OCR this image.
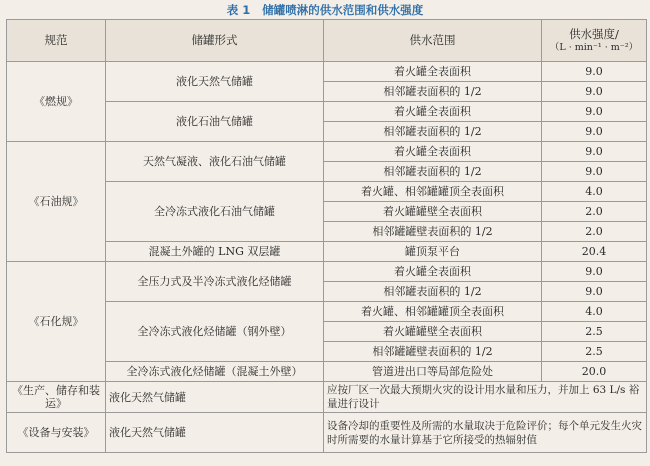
表 1 储罐喷淋的供水范围和供水强度
规范	储罐形式	供水范围	供水强度/
（L · min⁻¹ · m⁻²）

《燃规》	液化天然气储罐	着火罐全表面积	9.0
		相邻罐表面积的 1/2	9.0
	液化石油气储罐	着火罐全表面积	9.0
		相邻罐表面积的 1/2	9.0
《石油规》	天然气凝液、液化石油气储罐	着火罐全表面积	9.0
		相邻罐表面积的 1/2	9.0
	全冷冻式液化石油气储罐	着火罐、相邻罐罐顶全表面积	4.0
		着火罐罐壁全表面积	2.0
		相邻罐罐壁表面积的 1/2	2.0
	混凝土外罐的 LNG 双层罐	罐顶泵平台	20.4
《石化规》	全压力式及半冷冻式液化烃储罐	着火罐全表面积	9.0
		相邻罐表面积的 1/2	9.0
	全冷冻式液化烃储罐（钢外壁）	着火罐、相邻罐罐顶全表面积	4.0
		着火罐罐壁全表面积	2.5
		相邻罐罐壁表面积的 1/2	2.5
	全冷冻式液化烃储罐（混凝土外壁）	管道进出口等局部危险处	20.0
《生产、储存和装运》	液化天然气储罐	应按厂区一次最大预期火灾的设计用水量和压力，并加上 63 L/s 裕量进行设计	
《设备与安装》	液化天然气储罐	设备冷却的重要性及所需的水量取决于危险评价；每个单元发生火灾时所需要的水量计算基于它所接受的热辐射值	
